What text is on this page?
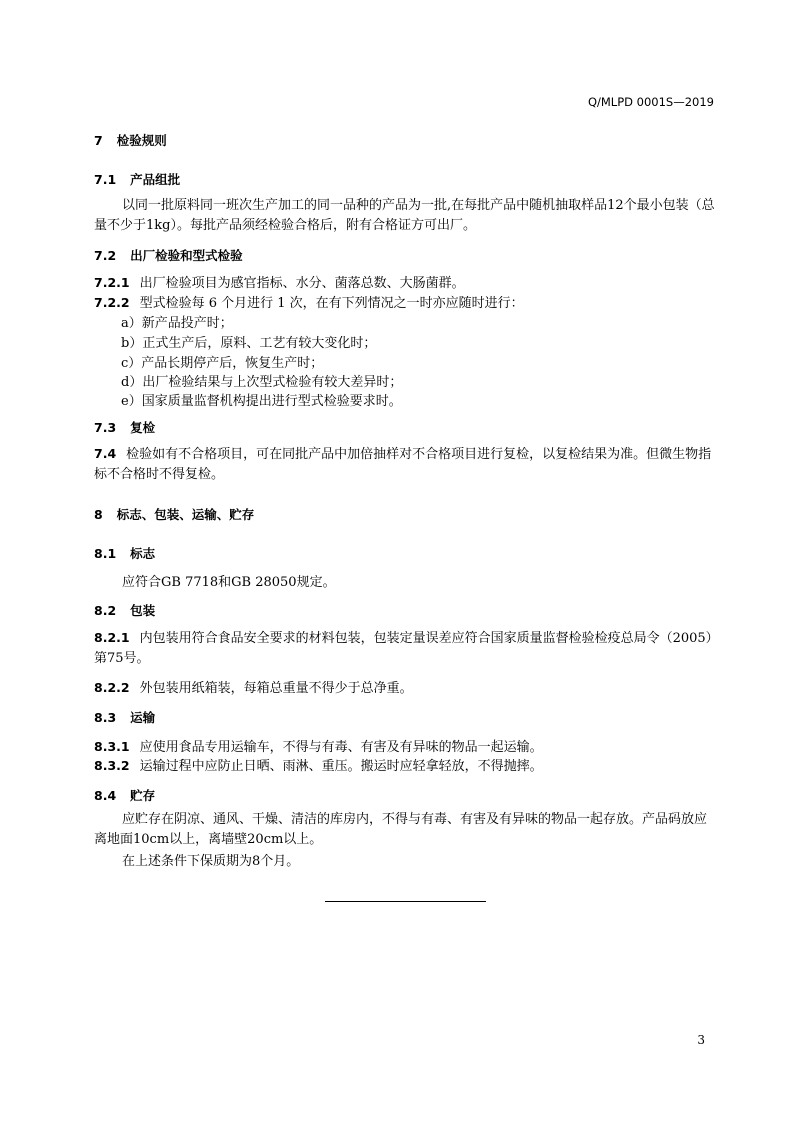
Q/MLPD 0001S—2019
7 检验规则
7.1 产品组批
以同一批原料同一班次生产加工的同一品种的产品为一批,在每批产品中随机抽取样品12个最小包装（总量不少于1kg）。每批产品须经检验合格后，附有合格证方可出厂。
7.2 出厂检验和型式检验
7.2.1 出厂检验项目为感官指标、水分、菌落总数、大肠菌群。
7.2.2 型式检验每 6 个月进行 1 次，在有下列情况之一时亦应随时进行：
a）新产品投产时；
b）正式生产后，原料、工艺有较大变化时；
c）产品长期停产后，恢复生产时；
d）出厂检验结果与上次型式检验有较大差异时；
e）国家质量监督机构提出进行型式检验要求时。
7.3 复检
7.4 检验如有不合格项目，可在同批产品中加倍抽样对不合格项目进行复检，以复检结果为准。但微生物指标不合格时不得复检。
8 标志、包装、运输、贮存
8.1 标志
应符合GB 7718和GB 28050规定。
8.2 包装
8.2.1 内包装用符合食品安全要求的材料包装，包装定量误差应符合国家质量监督检验检疫总局令（2005）第75号。
8.2.2 外包装用纸箱装，每箱总重量不得少于总净重。
8.3 运输
8.3.1 应使用食品专用运输车，不得与有毒、有害及有异味的物品一起运输。
8.3.2 运输过程中应防止日晒、雨淋、重压。搬运时应轻拿轻放，不得抛摔。
8.4 贮存
应贮存在阴凉、通风、干燥、清洁的库房内，不得与有毒、有害及有异味的物品一起存放。产品码放应离地面10cm以上，离墙壁20cm以上。
在上述条件下保质期为8个月。
3
